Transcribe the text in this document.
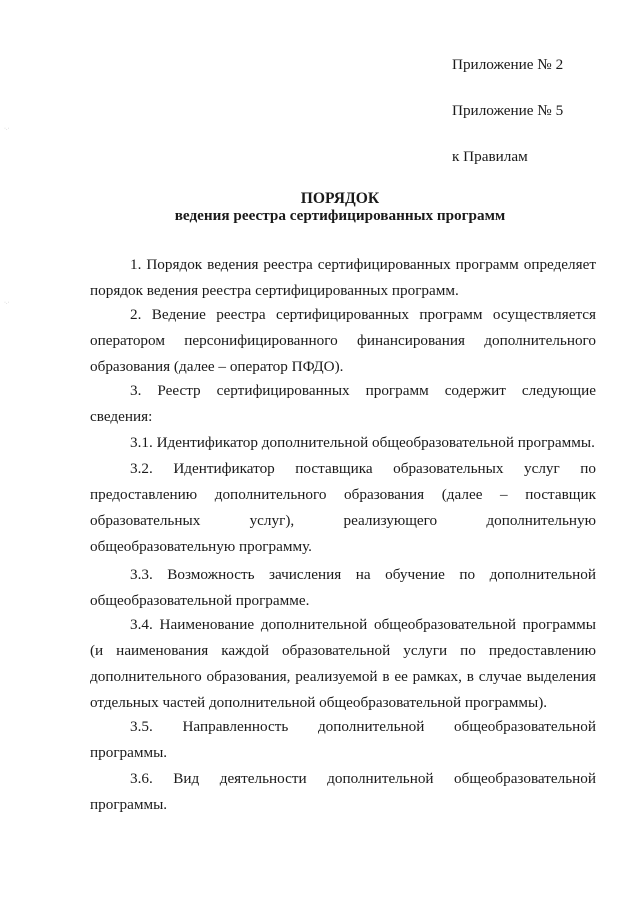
Приложение № 2
Приложение № 5
к Правилам
ПОРЯДОК
ведения реестра сертифицированных программ
1. Порядок ведения реестра сертифицированных программ определяет порядок ведения реестра сертифицированных программ.
2. Ведение реестра сертифицированных программ осуществляется оператором персонифицированного финансирования дополнительного образования (далее – оператор ПФДО).
3. Реестр сертифицированных программ содержит следующие сведения:
3.1. Идентификатор дополнительной общеобразовательной программы.
3.2. Идентификатор поставщика образовательных услуг по предоставлению дополнительного образования (далее – поставщик образовательных услуг), реализующего дополнительную общеобразовательную программу.
3.3. Возможность зачисления на обучение по дополнительной общеобразовательной программе.
3.4. Наименование дополнительной общеобразовательной программы (и наименования каждой образовательной услуги по предоставлению дополнительного образования, реализуемой в ее рамках, в случае выделения отдельных частей дополнительной общеобразовательной программы).
3.5. Направленность дополнительной общеобразовательной программы.
3.6. Вид деятельности дополнительной общеобразовательной программы.
·.·
·.·
